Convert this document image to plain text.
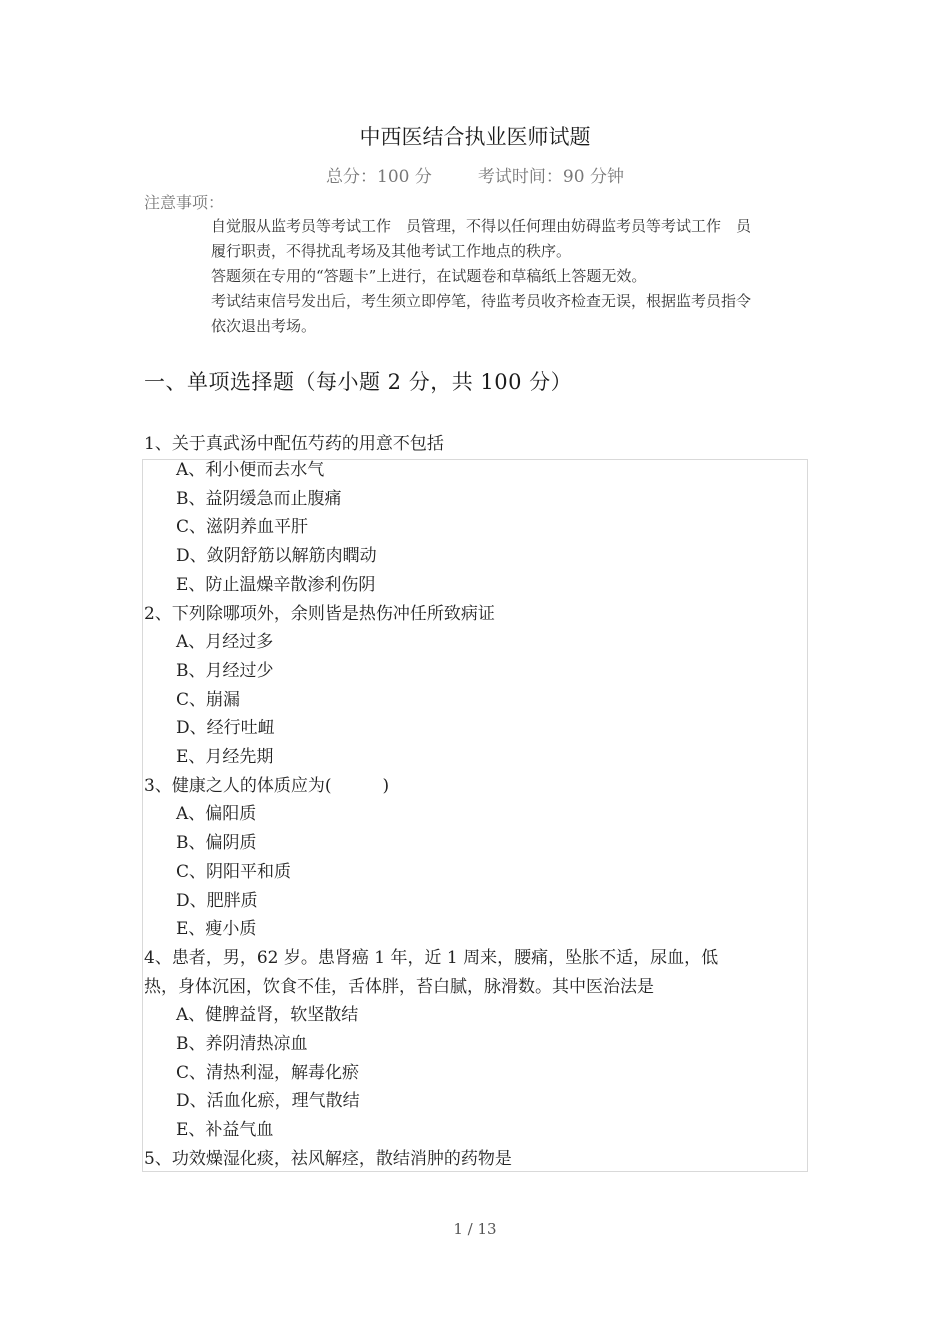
中西医结合执业医师试题
总分：100 分	考试时间：90 分钟
注意事项：

自觉服从监考员等考试工作　员管理，不得以任何理由妨碍监考员等考试工作　员

履行职责，不得扰乱考场及其他考试工作地点的秩序。

答题须在专用的“答题卡”上进行，在试题卷和草稿纸上答题无效。

考试结束信号发出后，考生须立即停笔，待监考员收齐检查无误，根据监考员指令

依次退出考场。

一、单项选择题（每小题 2 分，共 100 分）
1、关于真武汤中配伍芍药的用意不包括

A、利小便而去水气

B、益阴缓急而止腹痛

C、滋阴养血平肝

D、敛阴舒筋以解筋肉瞤动

E、防止温燥辛散渗利伤阴

2、下列除哪项外，余则皆是热伤冲任所致病证

A、月经过多

B、月经过少

C、崩漏

D、经行吐衄

E、月经先期

3、健康之人的体质应为(　　　)

A、偏阳质

B、偏阴质

C、阴阳平和质

D、肥胖质

E、瘦小质

4、患者，男，62 岁。患肾癌 1 年，近 1 周来，腰痛，坠胀不适，尿血，低

热，身体沉困，饮食不佳，舌体胖，苔白腻，脉滑数。其中医治法是

A、健脾益肾，软坚散结

B、养阴清热凉血

C、清热利湿，解毒化瘀

D、活血化瘀，理气散结

E、补益气血

5、功效燥湿化痰，祛风解痉，散结消肿的药物是

1 / 13
